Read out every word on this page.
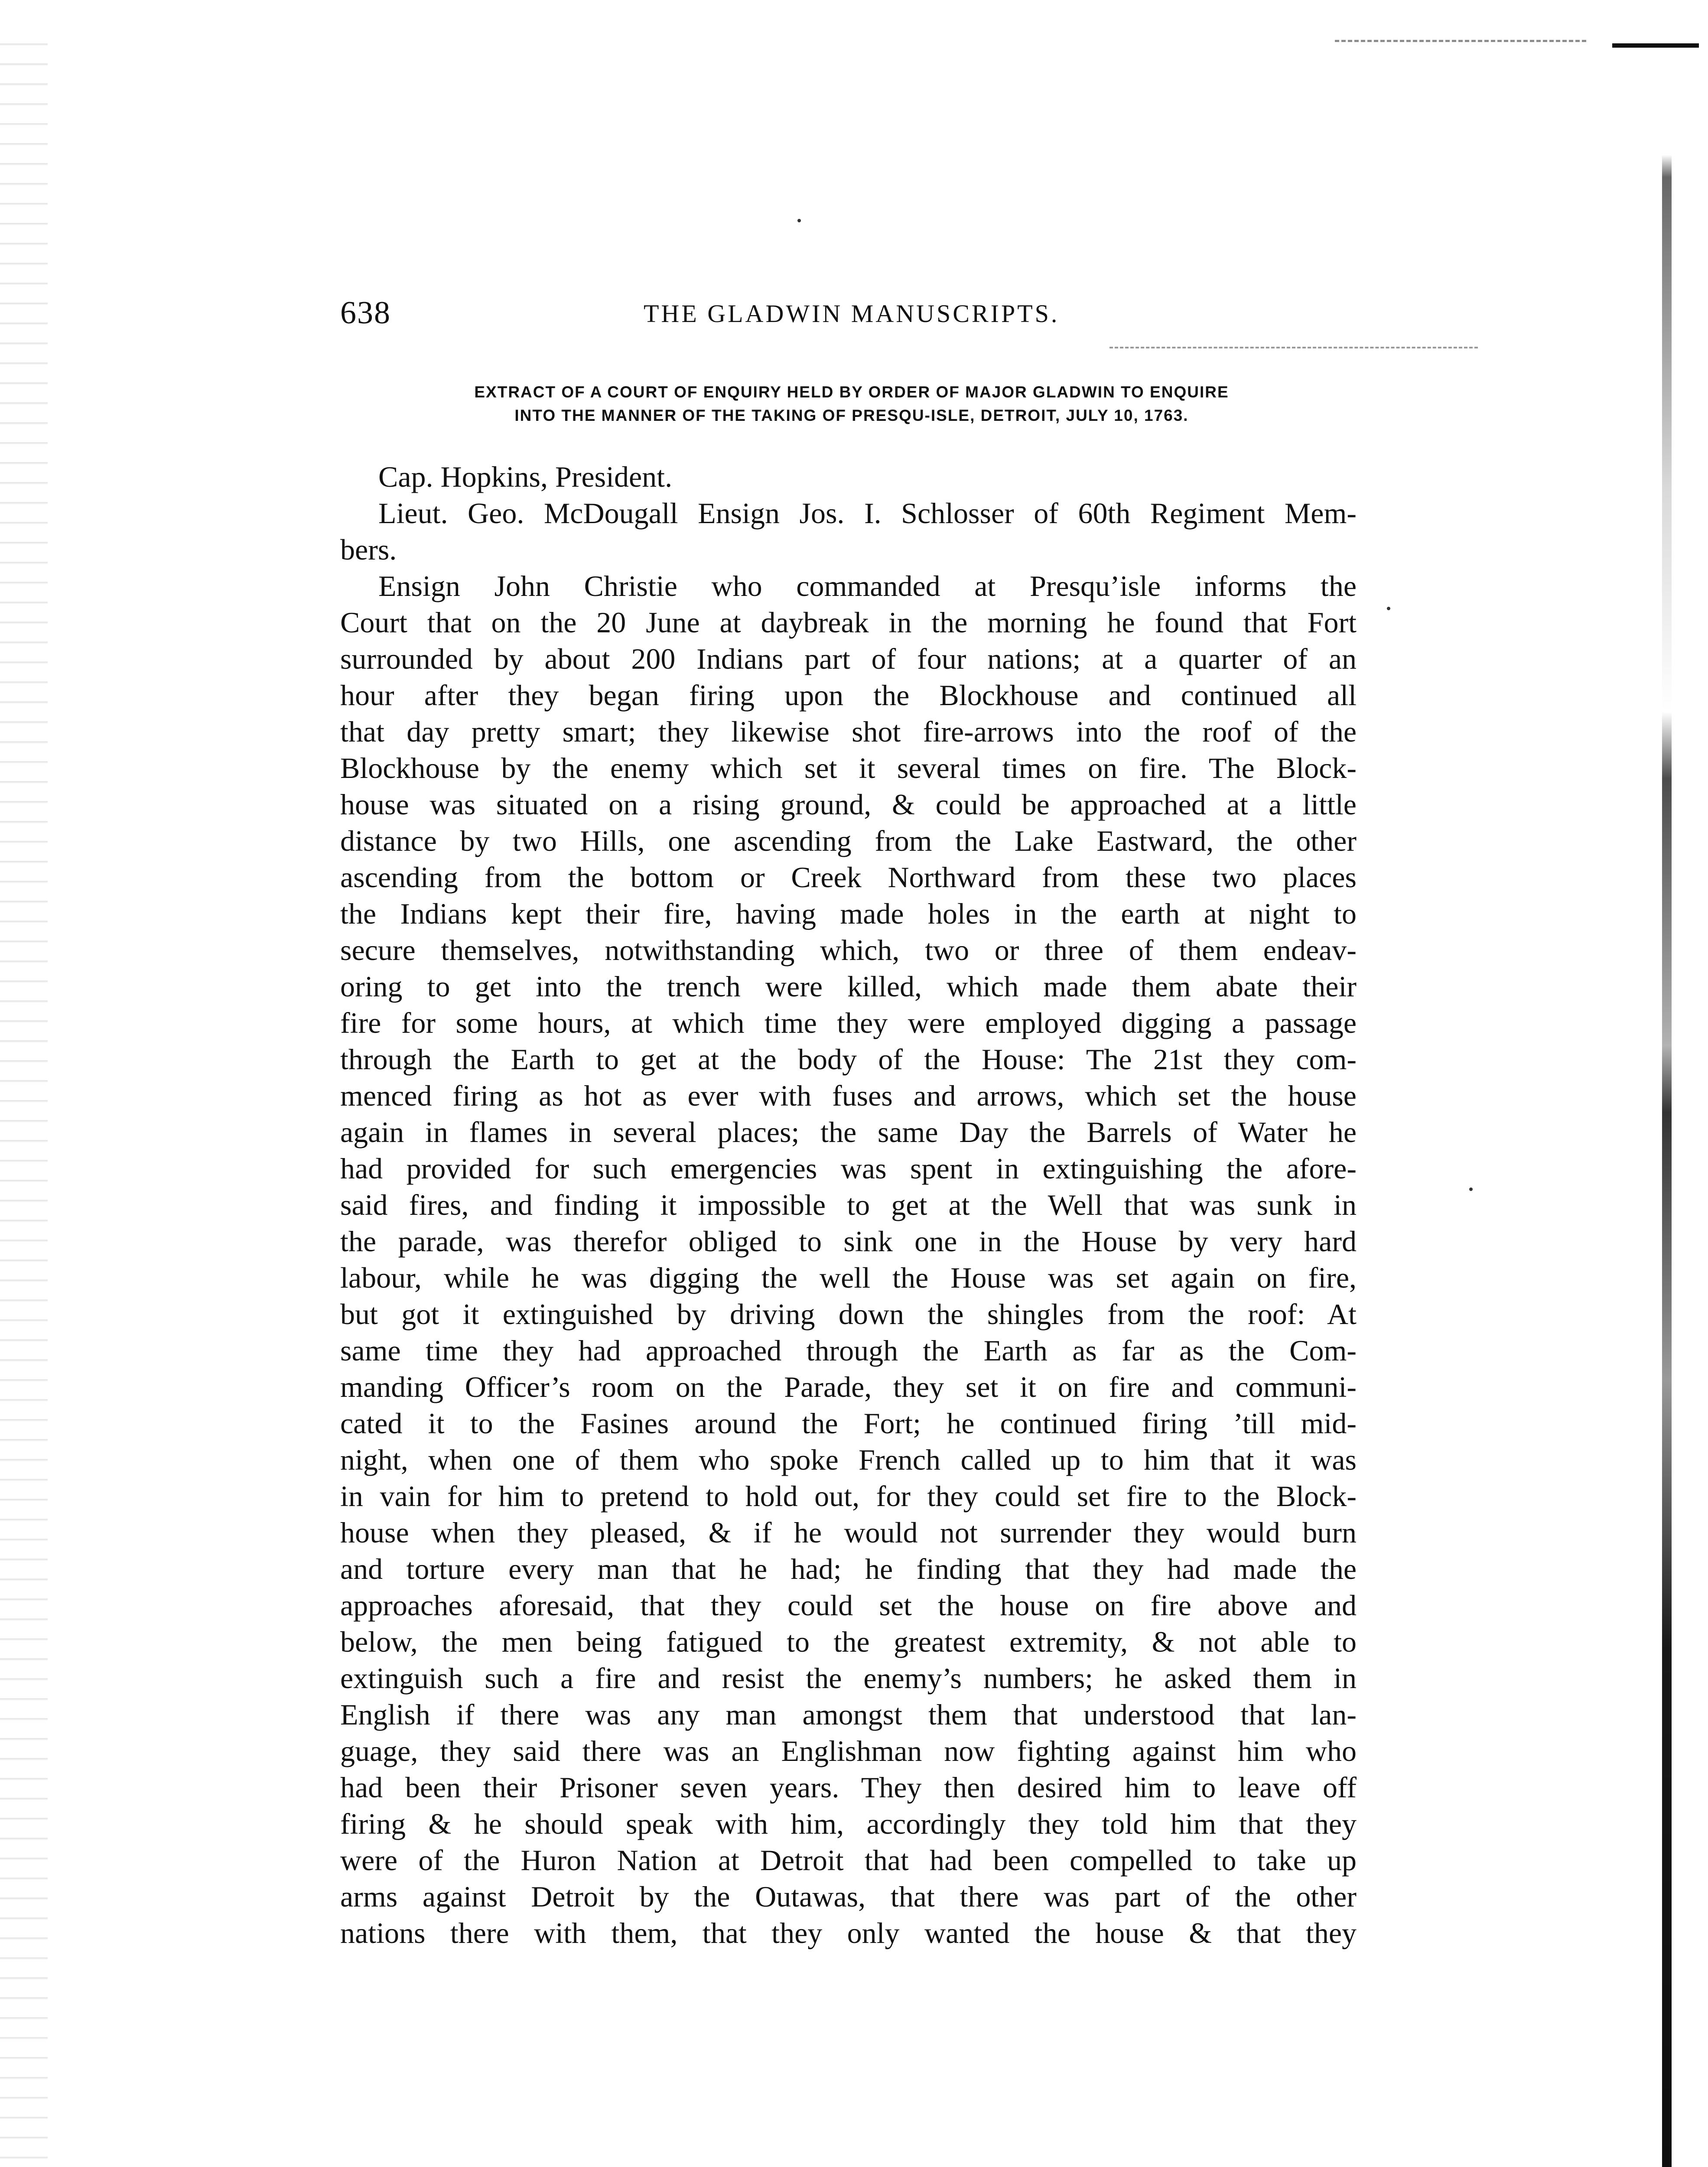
638	THE GLADWIN MANUSCRIPTS.
EXTRACT OF A COURT OF ENQUIRY HELD BY ORDER OF MAJOR GLADWIN TO ENQUIRE
INTO THE MANNER OF THE TAKING OF PRESQU-ISLE, DETROIT, JULY 10, 1763.
Cap. Hopkins, President.
Lieut. Geo. McDougall Ensign Jos. I. Schlosser of 60th Regiment Mem-
bers.
Ensign John Christie who commanded at Presqu’isle informs the
Court that on the 20 June at daybreak in the morning he found that Fort
surrounded by about 200 Indians part of four nations; at a quarter of an
hour after they began firing upon the Blockhouse and continued all
that day pretty smart; they likewise shot fire-arrows into the roof of the
Blockhouse by the enemy which set it several times on fire. The Block-
house was situated on a rising ground, & could be approached at a little
distance by two Hills, one ascending from the Lake Eastward, the other
ascending from the bottom or Creek Northward from these two places
the Indians kept their fire, having made holes in the earth at night to
secure themselves, notwithstanding which, two or three of them endeav-
oring to get into the trench were killed, which made them abate their
fire for some hours, at which time they were employed digging a passage
through the Earth to get at the body of the House: The 21st they com-
menced firing as hot as ever with fuses and arrows, which set the house
again in flames in several places; the same Day the Barrels of Water he
had provided for such emergencies was spent in extinguishing the afore-
said fires, and finding it impossible to get at the Well that was sunk in
the parade, was therefor obliged to sink one in the House by very hard
labour, while he was digging the well the House was set again on fire,
but got it extinguished by driving down the shingles from the roof: At
same time they had approached through the Earth as far as the Com-
manding Officer’s room on the Parade, they set it on fire and communi-
cated it to the Fasines around the Fort; he continued firing ’till mid-
night, when one of them who spoke French called up to him that it was
in vain for him to pretend to hold out, for they could set fire to the Block-
house when they pleased, & if he would not surrender they would burn
and torture every man that he had; he finding that they had made the
approaches aforesaid, that they could set the house on fire above and
below, the men being fatigued to the greatest extremity, & not able to
extinguish such a fire and resist the enemy’s numbers; he asked them in
English if there was any man amongst them that understood that lan-
guage, they said there was an Englishman now fighting against him who
had been their Prisoner seven years. They then desired him to leave off
firing & he should speak with him, accordingly they told him that they
were of the Huron Nation at Detroit that had been compelled to take up
arms against Detroit by the Outawas, that there was part of the other
nations there with them, that they only wanted the house & that they
